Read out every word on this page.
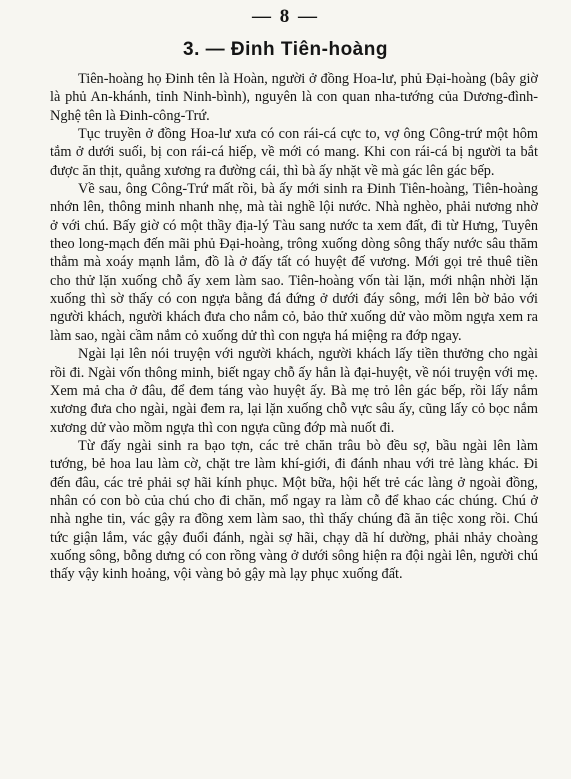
— 8 —
3. — Đinh Tiên-hoàng

Tiên-hoàng họ Đinh tên là Hoàn, người ở đồng Hoa-lư, phủ Đại-hoàng (bây giờ là phủ An-khánh, tỉnh Ninh-bình), nguyên là con quan nha-tướng của Dương-đình-Nghệ tên là Đinh-công-Trứ.

Tục truyền ở đồng Hoa-lư xưa có con rái-cá cực to, vợ ông Công-trứ một hôm tắm ở dưới suối, bị con rái-cá hiếp, về mới có mang. Khi con rái-cá bị người ta bắt được ăn thịt, quẳng xương ra đường cái, thì bà ấy nhặt về mà gác lên gác bếp.

Về sau, ông Công-Trứ mất rồi, bà ấy mới sinh ra Đinh Tiên-hoàng, Tiên-hoàng nhớn lên, thông minh nhanh nhẹ, mà tài nghề lội nước. Nhà nghèo, phải nương nhờ ở với chú. Bấy giờ có một thầy địa-lý Tàu sang nước ta xem đất, đi từ Hưng, Tuyên theo long-mạch đến mãi phủ Đại-hoàng, trông xuống dòng sông thấy nước sâu thăm thẳm mà xoáy mạnh lắm, đồ là ở đấy tất có huyệt đế vương. Mới gọi trẻ thuê tiền cho thử lặn xuống chỗ ấy xem làm sao. Tiên-hoàng vốn tài lặn, mới nhận nhời lặn xuống thì sờ thấy có con ngựa bằng đá đứng ở dưới đáy sông, mới lên bờ bảo với người khách, người khách đưa cho nắm cỏ, bảo thử xuống dử vào mồm ngựa xem ra làm sao, ngài cầm nắm cỏ xuống dử thì con ngựa há miệng ra đớp ngay.

Ngài lại lên nói truyện với người khách, người khách lấy tiền thưởng cho ngài rồi đi. Ngài vốn thông minh, biết ngay chỗ ấy hẳn là đại-huyệt, về nói truyện với mẹ. Xem mả cha ở đâu, để đem táng vào huyệt ấy. Bà mẹ trỏ lên gác bếp, rồi lấy nắm xương đưa cho ngài, ngài đem ra, lại lặn xuống chỗ vực sâu ấy, cũng lấy cỏ bọc nắm xương dử vào mồm ngựa thì con ngựa cũng đớp mà nuốt đi.

Từ đấy ngài sinh ra bạo tợn, các trẻ chăn trâu bò đều sợ, bầu ngài lên làm tướng, bẻ hoa lau làm cờ, chặt tre làm khí-giới, đi đánh nhau với trẻ làng khác. Đi đến đâu, các trẻ phải sợ hãi kính phục. Một bữa, hội hết trẻ các làng ở ngoài đồng, nhân có con bò của chú cho đi chăn, mổ ngay ra làm cỗ để khao các chúng. Chú ở nhà nghe tin, vác gậy ra đồng xem làm sao, thì thấy chúng đã ăn tiệc xong rồi. Chú tức giận lắm, vác gậy đuổi đánh, ngài sợ hãi, chạy dã hí dường, phải nhảy choàng xuống sông, bỗng dưng có con rồng vàng ở dưới sông hiện ra đội ngài lên, người chú thấy vậy kinh hoảng, vội vàng bỏ gậy mà lạy phục xuống đất.
